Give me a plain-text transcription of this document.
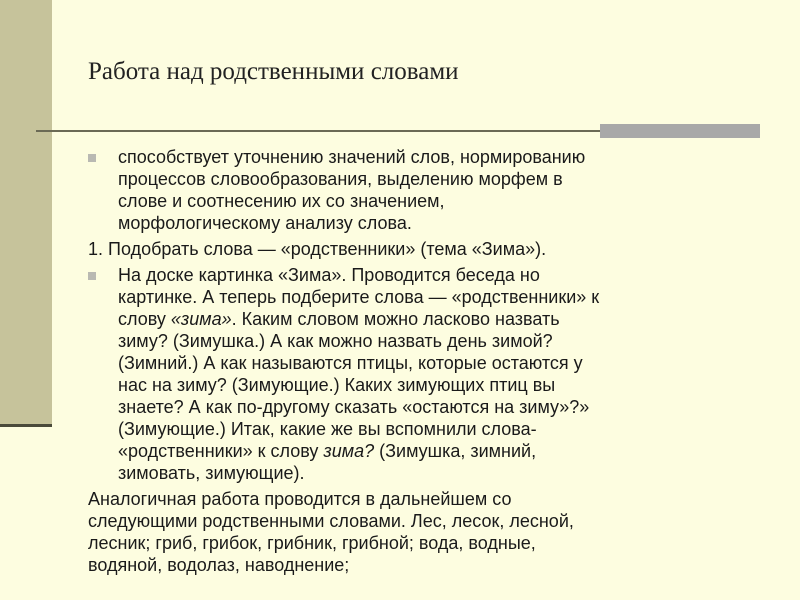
Работа над родственными словами
способствует уточнению значений слов, нормированию
процессов словообразования, выделению морфем в
слове и соотнесению их со значением,
морфологическому анализу слова.
1. Подобрать слова — «родственники» (тема «Зима»).
На доске картинка «Зима». Проводится беседа но
картинке. А теперь подберите слова — «родственники» к
слову «зима». Каким словом можно ласково назвать
зиму? (Зимушка.) А как можно назвать день зимой?
(Зимний.) А как называются птицы, которые остаются у
нас на зиму? (Зимующие.) Каких зимующих птиц вы
знаете? А как по-другому сказать «остаются на зиму»?»
(Зимующие.) Итак, какие же вы вспомнили слова-
«родственники» к слову зима? (Зимушка, зимний,
зимовать, зимующие).
Аналогичная работа проводится в дальнейшем со
следующими родственными словами. Лес, лесок, лесной,
лесник; гриб, грибок, грибник, грибной; вода, водные,
водяной, водолаз, наводнение;
